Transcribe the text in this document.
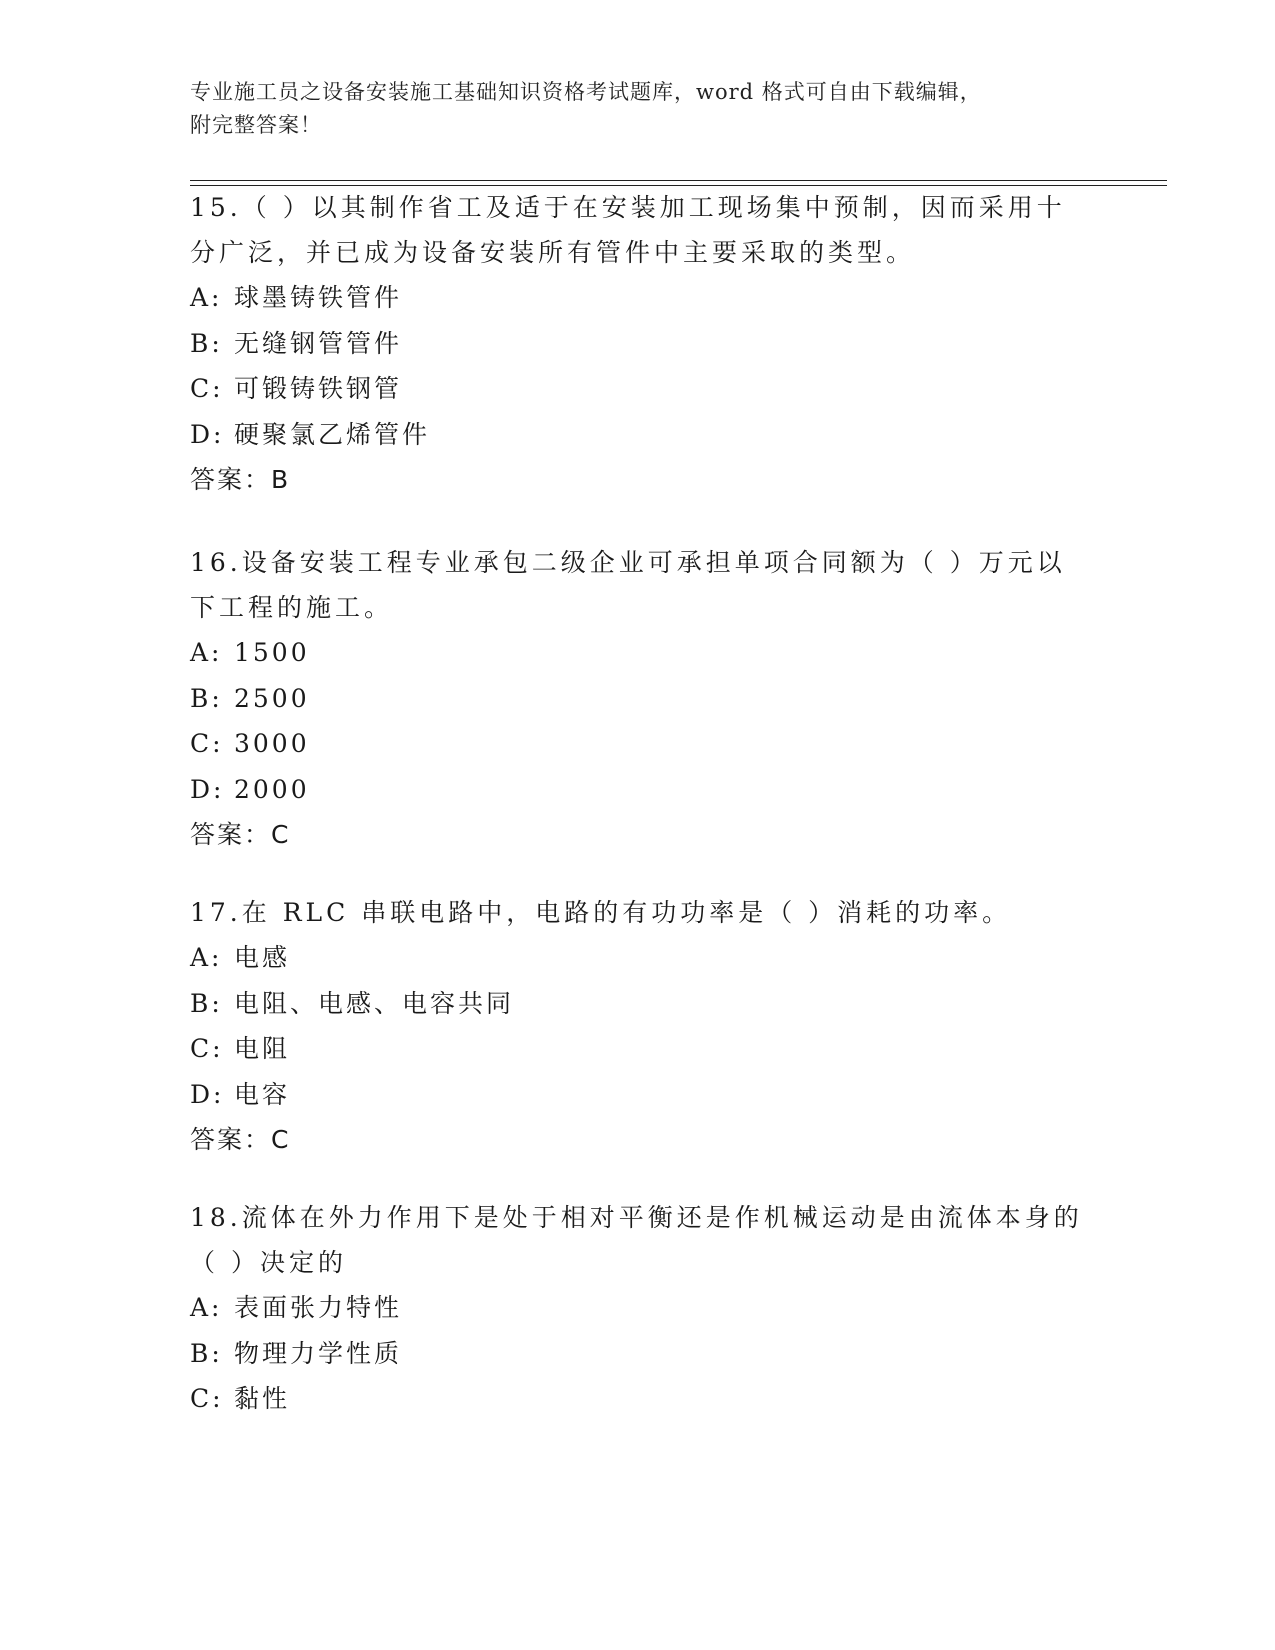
专业施工员之设备安装施工基础知识资格考试题库，word 格式可自由下载编辑，
附完整答案！

15.（ ）以其制作省工及适于在安装加工现场集中预制，因而采用十分广泛，并已成为设备安装所有管件中主要采取的类型。

A: 球墨铸铁管件
B: 无缝钢管管件
C: 可锻铸铁钢管
D: 硬聚氯乙烯管件
答案：B

16.设备安装工程专业承包二级企业可承担单项合同额为（ ）万元以下工程的施工。

A: 1500
B: 2500
C: 3000
D: 2000
答案：C

17.在 RLC 串联电路中，电路的有功功率是（ ）消耗的功率。

A: 电感
B: 电阻、电感、电容共同
C: 电阻
D: 电容
答案：C

18.流体在外力作用下是处于相对平衡还是作机械运动是由流体本身的（ ）决定的

A: 表面张力特性
B: 物理力学性质
C: 黏性
